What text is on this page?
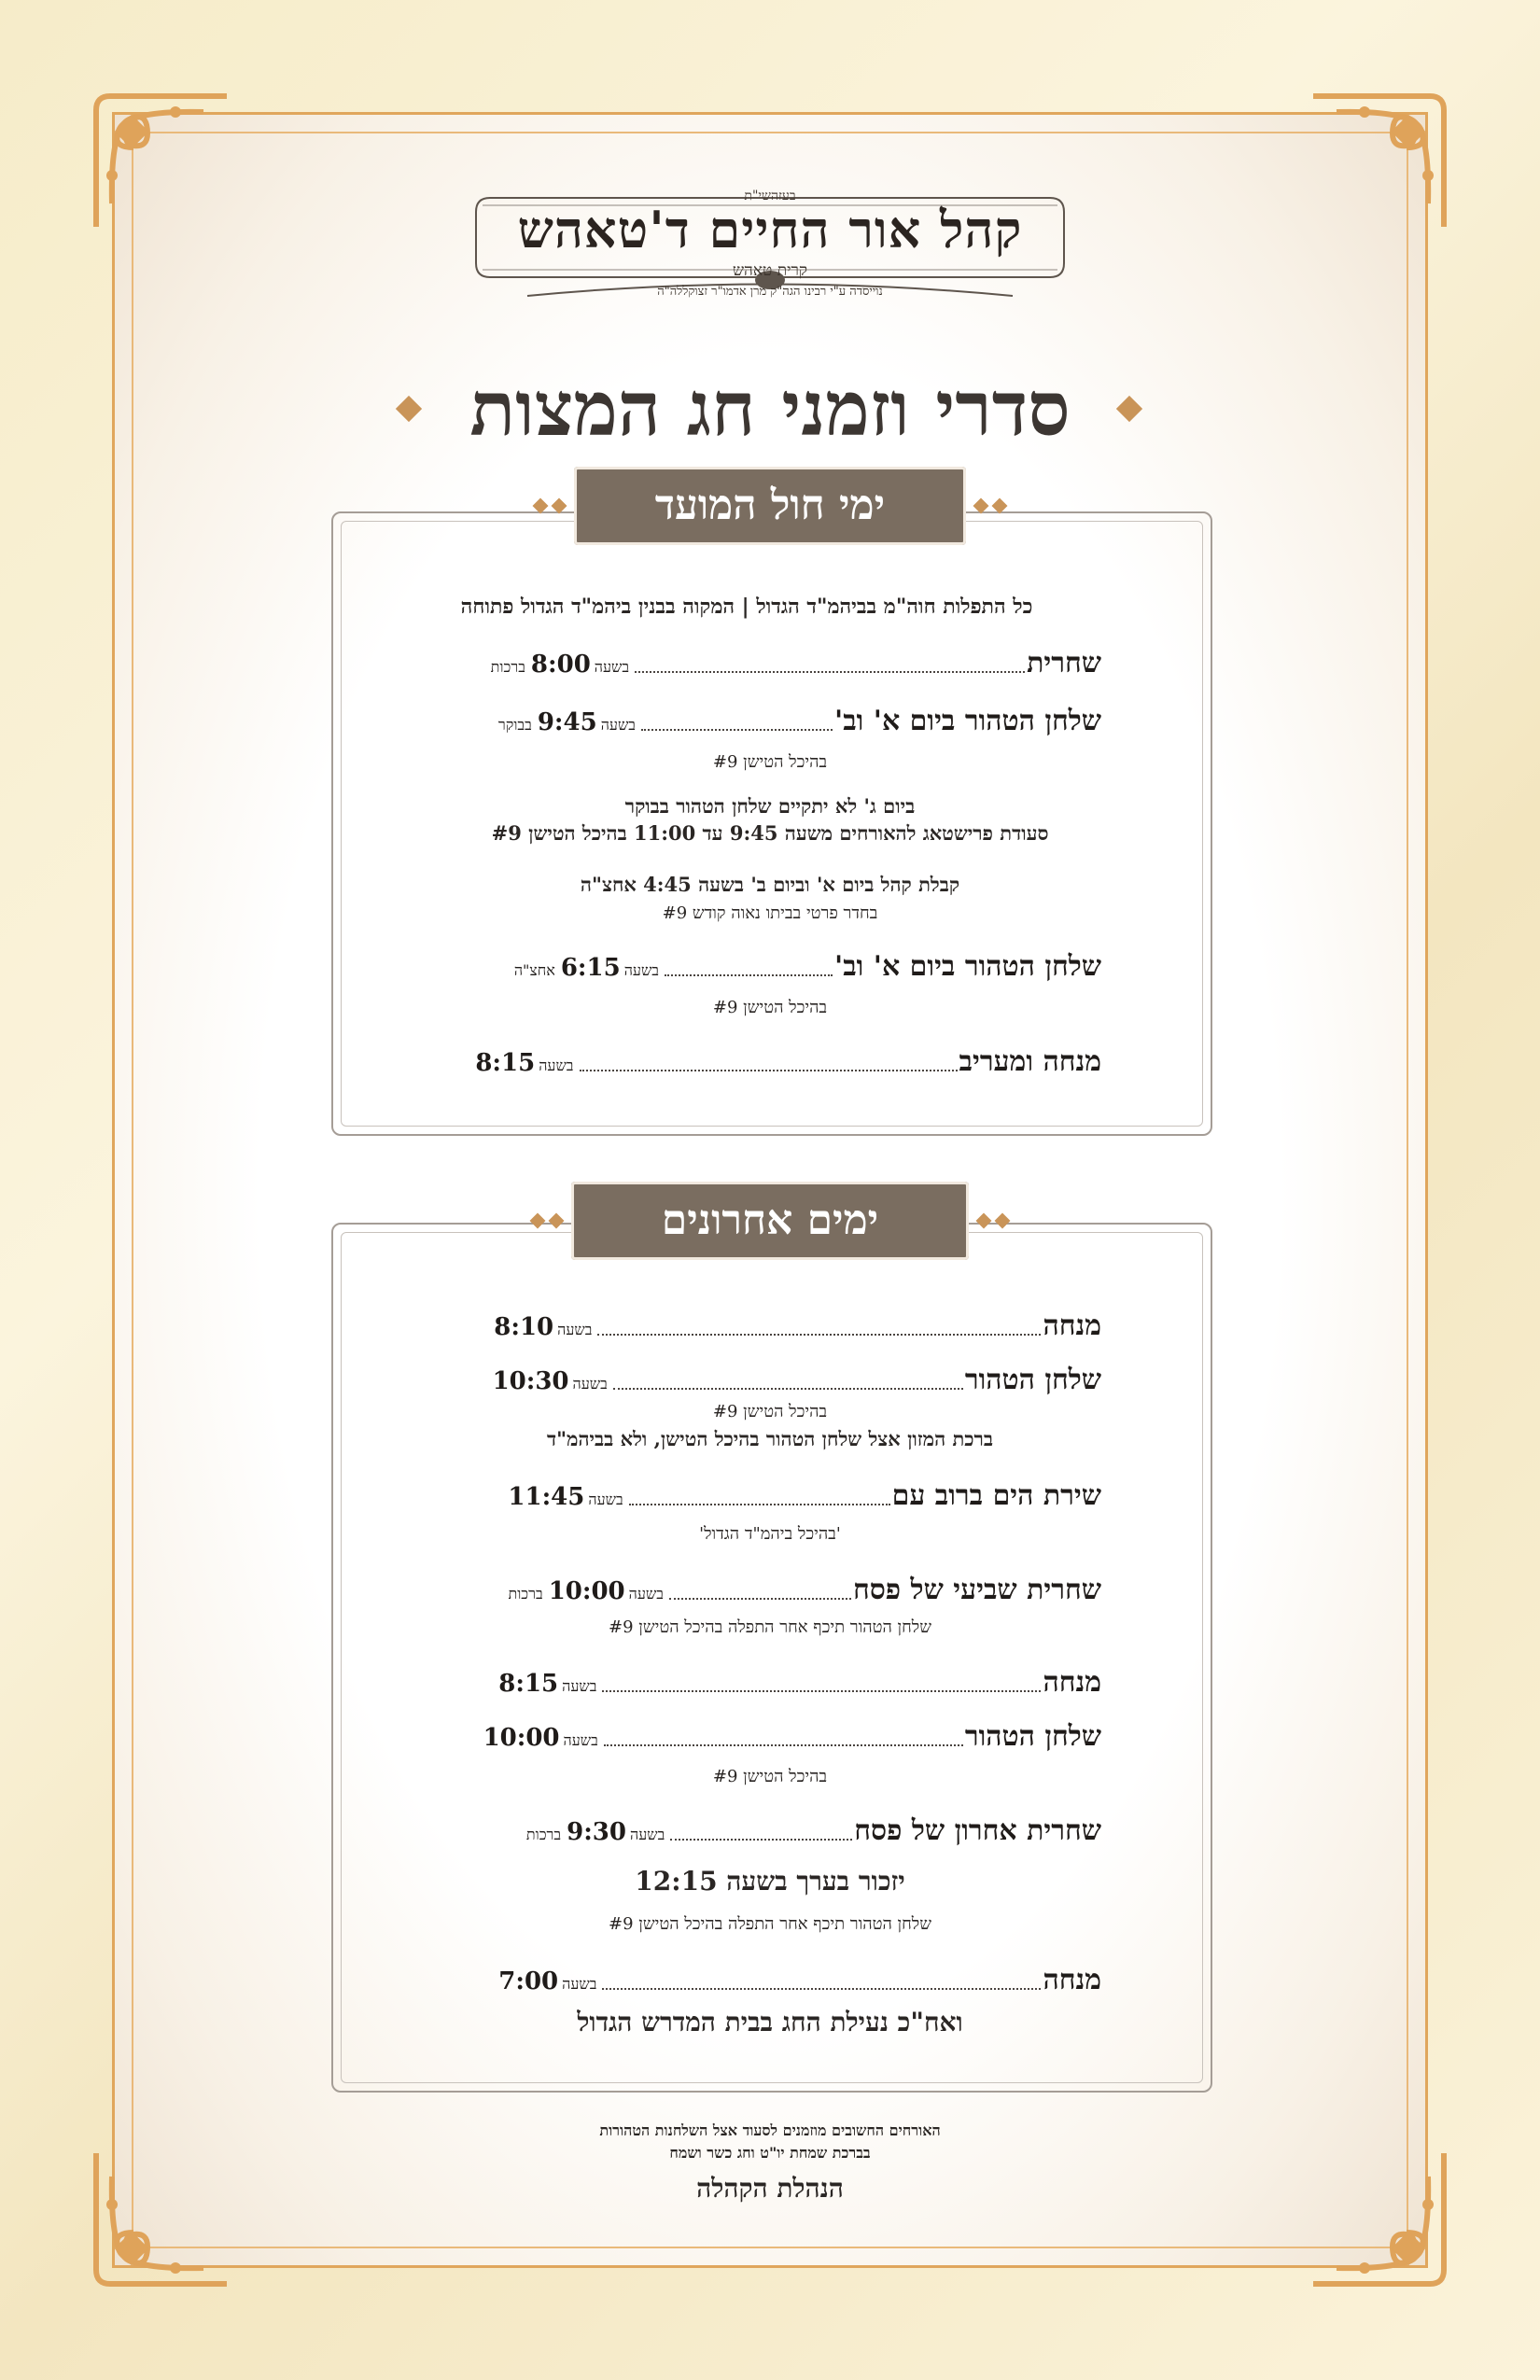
בעזהשי"ת
קהל אור החיים ד'טאהש
קרית טאהש
נוייסדה ע"י רבינו הגה"ק מרן אדמו"ר זצוקללה"ה
סדרי וזמני חג המצות
ימי חול המועד
כל התפלות חוה"מ בביהמ"ד הגדול | המקוה בבנין ביהמ"ד הגדול פתוחה
שחריתבשעה8:00ברכות
שלחן הטהור ביום א' וב'בשעה9:45בבוקר
בהיכל הטישן #9
ביום ג' לא יתקיים שלחן הטהור בבוקר
סעודת פרישטאג להאורחים משעה 9:45 עד 11:00 בהיכל הטישן #9
קבלת קהל ביום א' וביום ב' בשעה 4:45 אחצ"ה
בחדר פרטי בביתו נאוה קודש #9
שלחן הטהור ביום א' וב'בשעה6:15אחצ"ה
בהיכל הטישן #9
מנחה ומעריבבשעה8:15
ימים אחרונים
מנחהבשעה8:10
שלחן הטהורבשעה10:30
בהיכל הטישן #9
ברכת המזון אצל שלחן הטהור בהיכל הטישן, ולא בביהמ"ד
שירת הים ברוב עםבשעה11:45
'בהיכל ביהמ"ד הגדול'
שחרית שביעי של פסחבשעה10:00ברכות
שלחן הטהור תיכף אחר התפלה בהיכל הטישן #9
מנחהבשעה8:15
שלחן הטהורבשעה10:00
בהיכל הטישן #9
שחרית אחרון של פסחבשעה9:30ברכות
יזכור בערך בשעה 12:15
שלחן הטהור תיכף אחר התפלה בהיכל הטישן #9
מנחהבשעה7:00
ואח"כ נעילת החג בבית המדרש הגדול
האורחים החשובים מוזמנים לסעוד אצל השלחנות הטהורות
בברכת שמחת יו"ט וחג כשר ושמח
הנהלת הקהלה
